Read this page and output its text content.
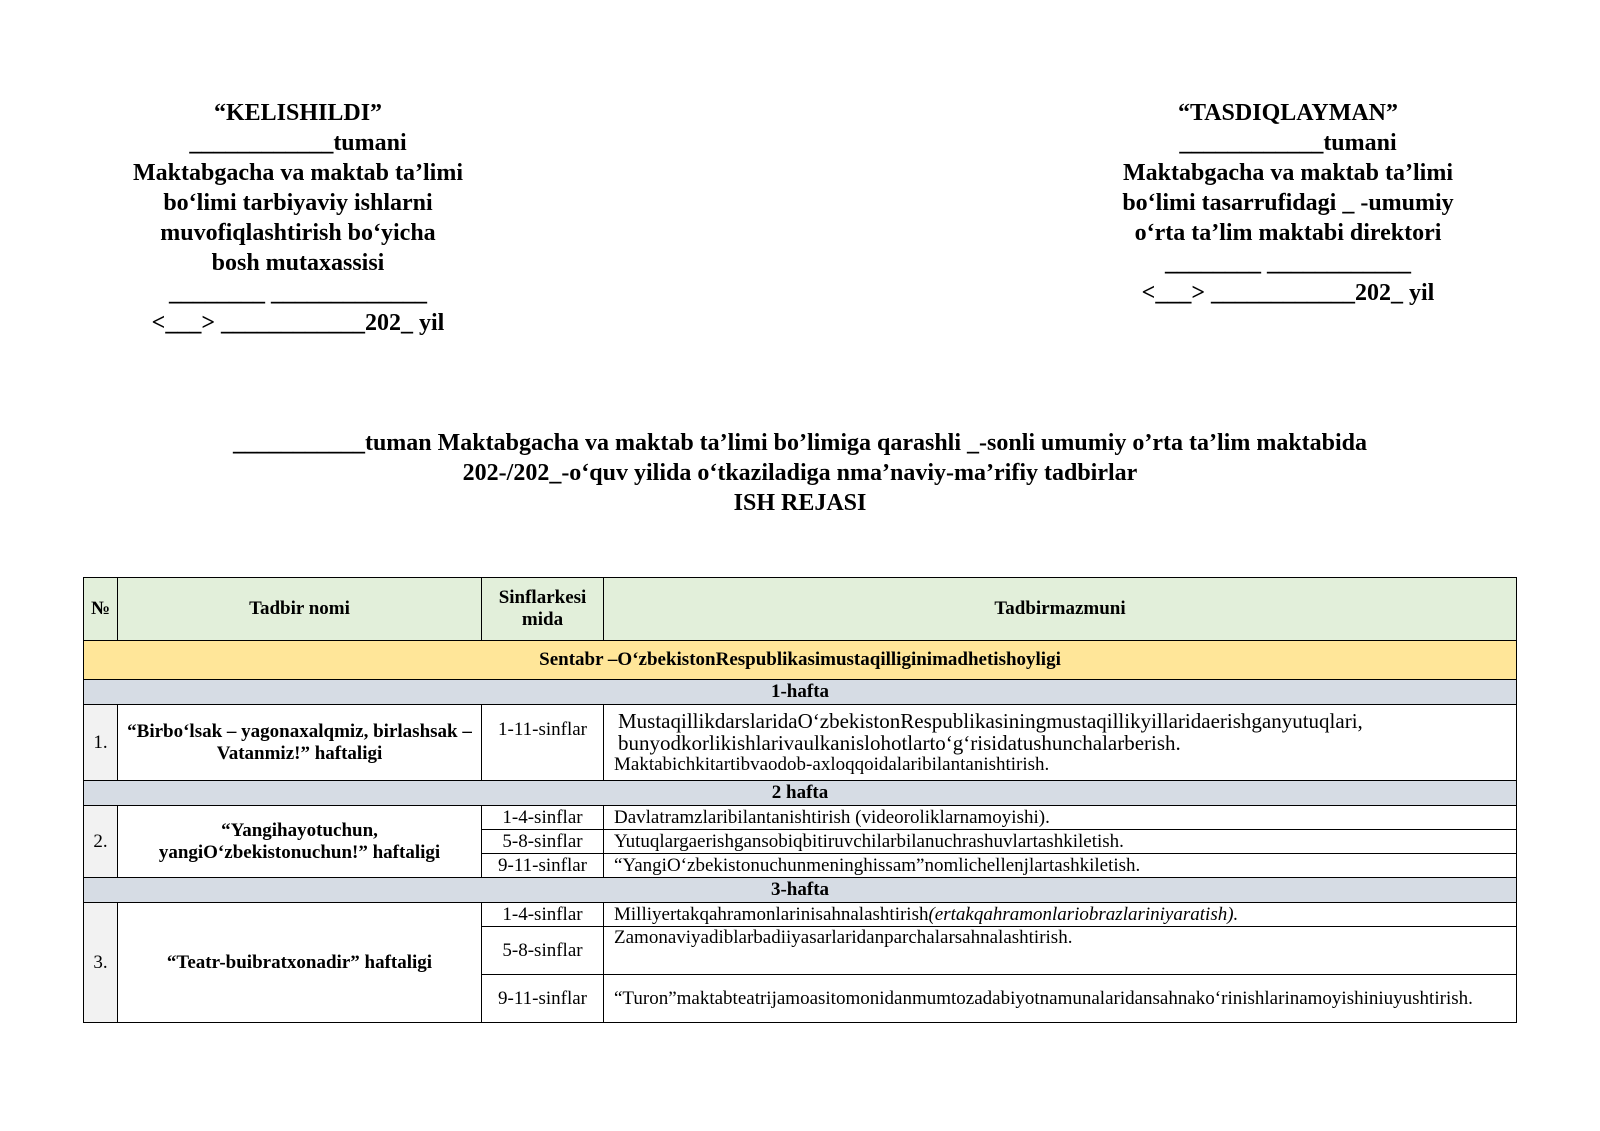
“KELISHILDI”
____________tumani
Maktabgacha va maktab ta’limi
bo‘limi tarbiyaviy ishlarni
muvofiqlashtirish bo‘yicha
bosh mutaxassisi
________ _____________
<___> ____________202_ yil
“TASDIQLAYMAN”
____________tumani
Maktabgacha va maktab ta’limi
bo‘limi tasarrufidagi _ -umumiy
o‘rta ta’lim maktabi direktori
________ ____________
<___> ____________202_ yil
___________tuman Maktabgacha va maktab ta’limi bo’limiga qarashli _-sonli umumiy o’rta ta’lim maktabida
202-/202_-o‘quv yilida o‘tkaziladiga nma’naviy-ma’rifiy tadbirlar
ISH REJASI
№	Tadbir nomi	Sinflarkesi mida	Tadbirmazmuni
Sentabr –O‘zbekistonRespublikasimustaqilliginimadhetishoyligi			
1-hafta			
1.	“Birbo‘lsak – yagonaxalqmiz, birlashsak – Vatanmiz!” haftaligi	1-11-sinflar	MustaqillikdarslaridaO‘zbekistonRespublikasiningmustaqillikyillaridaerishganyutuqlari,
bunyodkorlikishlarivaulkanislohotlarto‘g‘risidatushunchalarberish.
Maktabichkitartibvaodob-axloqqoidalaribilantanishtirish.

2 hafta			
2.	“Yangihayotuchun, yangiO‘zbekistonuchun!” haftaligi	1-4-sinflar	Davlatramzlaribilantanishtirish (videoroliklarnamoyishi).
		5-8-sinflar	Yutuqlargaerishgansobiqbitiruvchilarbilanuchrashuvlartashkiletish.
		9-11-sinflar	“YangiO‘zbekistonuchunmeninghissam”nomlichellenjlartashkiletish.
3-hafta			
3.	“Teatr-buibratxonadir” haftaligi	1-4-sinflar	Milliyertakqahramonlarinisahnalashtirish(ertakqahramonlariobrazlariniyaratish).
		5-8-sinflar	Zamonaviyadiblarbadiiyasarlaridanparchalarsahnalashtirish.
		9-11-sinflar	“Turon”maktabteatrijamoasitomonidanmumtozadabiyotnamunalaridansahnako‘rinishlarinamoyishiniuyushtirish.
